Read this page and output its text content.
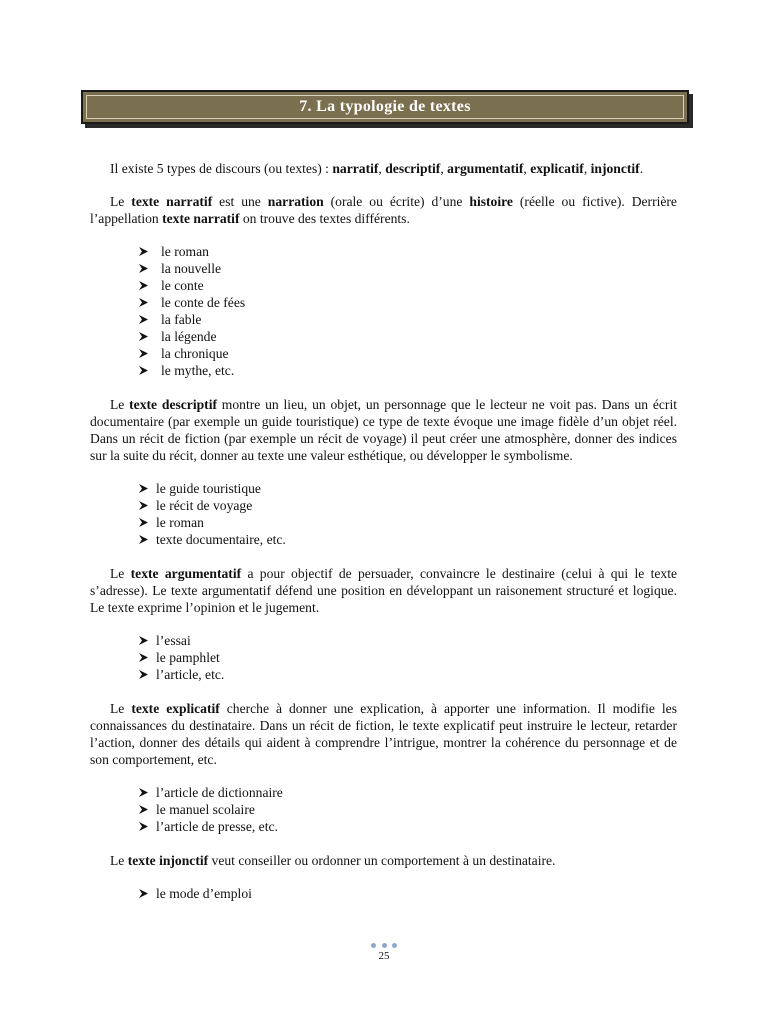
7. La typologie de textes

Il existe 5 types de discours (ou textes) : narratif, descriptif, argumentatif, explicatif, injonctif.

Le texte narratif est une narration (orale ou écrite) d’une histoire (réelle ou fictive). Derrière l’appellation texte narratif on trouve des textes différents.

le roman
la nouvelle
le conte
le conte de fées
la fable
la légende
la chronique
le mythe, etc.

Le texte descriptif montre un lieu, un objet, un personnage que le lecteur ne voit pas. Dans un écrit documentaire (par exemple un guide touristique) ce type de texte évoque une image fidèle d’un objet réel. Dans un récit de fiction (par exemple un récit de voyage) il peut créer une atmosphère, donner des indices sur la suite du récit, donner au texte une valeur esthétique, ou développer le symbolisme.

le guide touristique
le récit de voyage
le roman
texte documentaire, etc.

Le texte argumentatif a pour objectif de persuader, convaincre le destinaire (celui à qui le texte s’adresse). Le texte argumentatif défend une position en développant un raisonement structuré et logique. Le texte exprime l’opinion et le jugement.

l’essai
le pamphlet
l’article, etc.

Le texte explicatif cherche à donner une explication, à apporter une information. Il modifie les connaissances du destinataire. Dans un récit de fiction, le texte explicatif peut instruire le lecteur, retarder l’action, donner des détails qui aident à comprendre l’intrigue, montrer la cohérence du personnage et de son comportement, etc.

l’article de dictionnaire
le manuel scolaire
l’article de presse, etc.

Le texte injonctif veut conseiller ou ordonner un comportement à un destinataire.

le mode d’emploi
25
